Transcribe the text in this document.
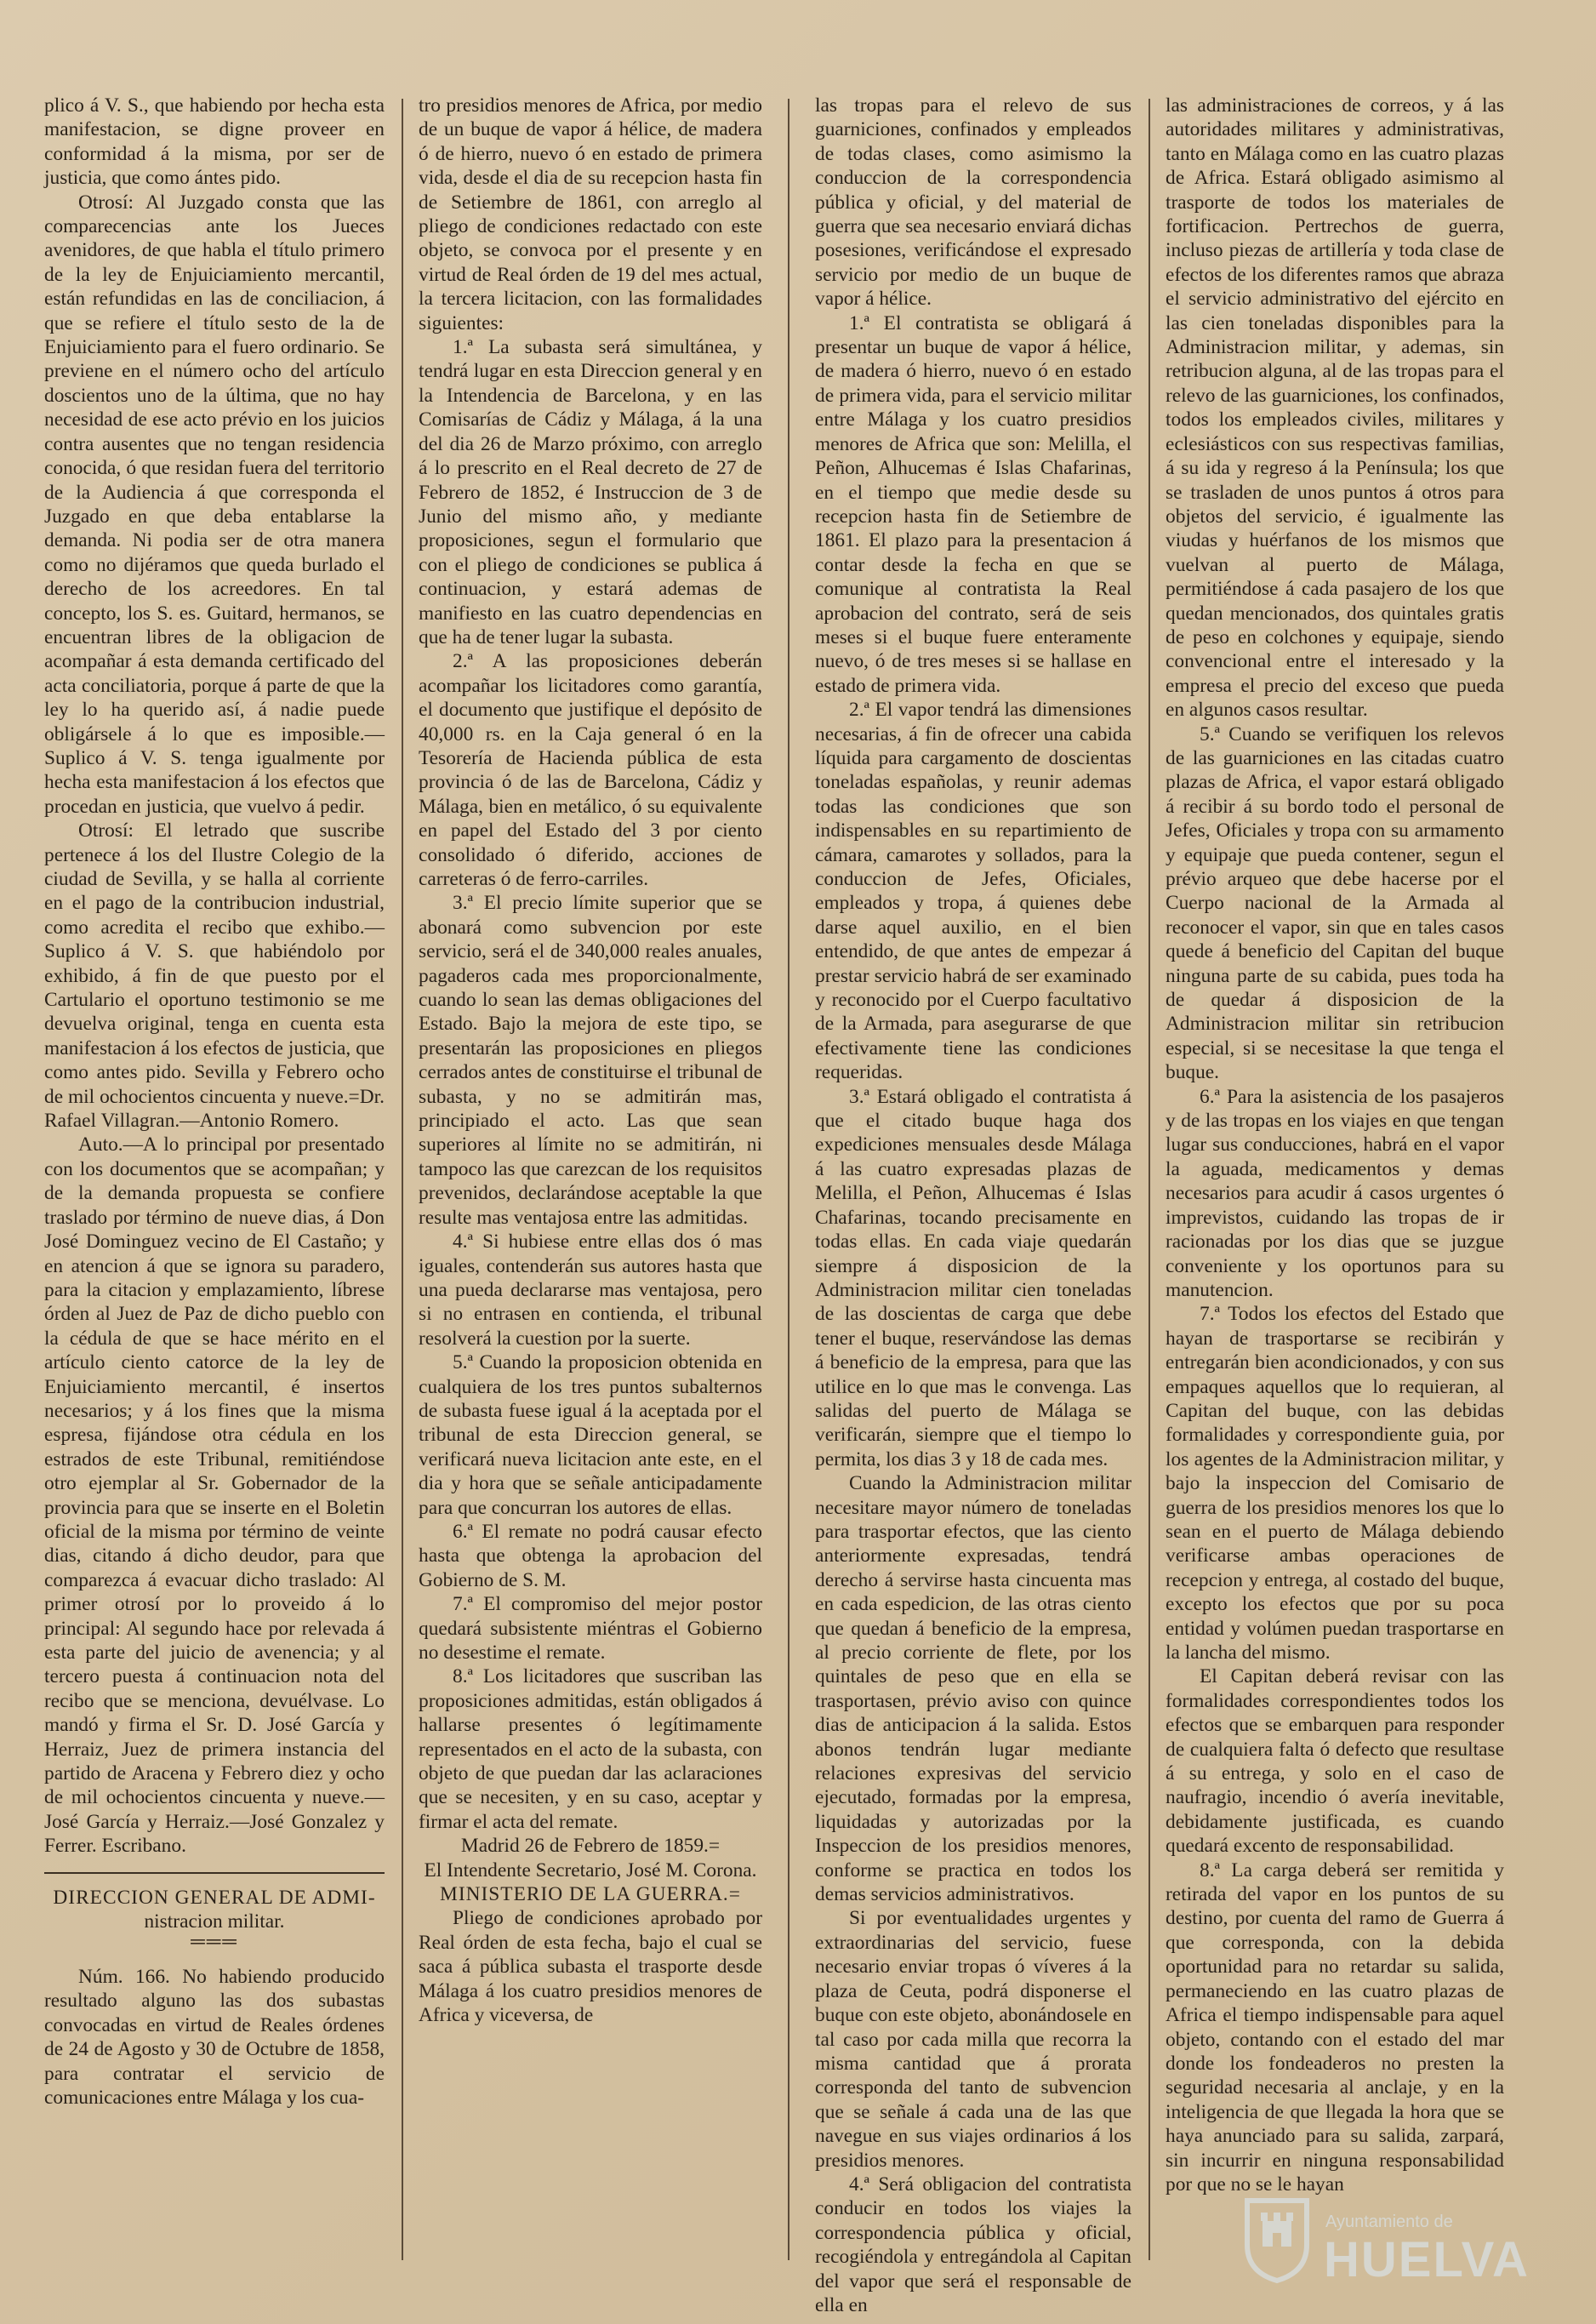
plico á V. S., que habiendo por hecha esta manifestacion, se digne proveer en conformidad á la misma, por ser de justicia, que como ántes pido.

Otrosí: Al Juzgado consta que las comparecencias ante los Jueces avenidores, de que habla el título primero de la ley de Enjuiciamiento mercantil, están refundidas en las de conciliacion, á que se refiere el título sesto de la de Enjuiciamiento para el fuero ordinario. Se previene en el número ocho del artículo doscientos uno de la última, que no hay necesidad de ese acto prévio en los juicios contra ausentes que no tengan residencia conocida, ó que residan fuera del territorio de la Audiencia á que corresponda el Juzgado en que deba entablarse la demanda. Ni podia ser de otra manera como no dijéramos que queda burlado el derecho de los acreedores. En tal concepto, los S. es. Guitard, hermanos, se encuentran libres de la obligacion de acompañar á esta demanda certificado del acta conciliatoria, porque á parte de que la ley lo ha querido así, á nadie puede obligársele á lo que es imposible.—Suplico á V. S. tenga igualmente por hecha esta manifestacion á los efectos que procedan en justicia, que vuelvo á pedir.

Otrosí: El letrado que suscribe pertenece á los del Ilustre Colegio de la ciudad de Sevilla, y se halla al corriente en el pago de la contribucion industrial, como acredita el recibo que exhibo.—Suplico á V. S. que habiéndolo por exhibido, á fin de que puesto por el Cartulario el oportuno testimonio se me devuelva original, tenga en cuenta esta manifestacion á los efectos de justicia, que como antes pido. Sevilla y Febrero ocho de mil ochocientos cincuenta y nueve.=Dr. Rafael Villagran.—Antonio Romero.

Auto.—A lo principal por presentado con los documentos que se acompañan; y de la demanda propuesta se confiere traslado por término de nueve dias, á Don José Dominguez vecino de El Castaño; y en atencion á que se ignora su paradero, para la citacion y emplazamiento, líbrese órden al Juez de Paz de dicho pueblo con la cédula de que se hace mérito en el artículo ciento catorce de la ley de Enjuiciamiento mercantil, é insertos necesarios; y á los fines que la misma espresa, fijándose otra cédula en los estrados de este Tribunal, remitiéndose otro ejemplar al Sr. Gobernador de la provincia para que se inserte en el Boletin oficial de la misma por término de veinte dias, citando á dicho deudor, para que comparezca á evacuar dicho traslado: Al primer otrosí por lo proveido á lo principal: Al segundo hace por relevada á esta parte del juicio de avenencia; y al tercero puesta á continuacion nota del recibo que se menciona, devuélvase. Lo mandó y firma el Sr. D. José García y Herraiz, Juez de primera instancia del partido de Aracena y Febrero diez y ocho de mil ochocientos cincuenta y nueve.—José García y Herraiz.—José Gonzalez y Ferrer. Escribano.

DIRECCION GENERAL DE ADMI-

nistracion militar.

═══

Núm. 166. No habiendo producido resultado alguno las dos subastas convocadas en virtud de Reales órdenes de 24 de Agosto y 30 de Octubre de 1858, para contratar el servicio de comunicaciones entre Málaga y los cua-

tro presidios menores de Africa, por medio de un buque de vapor á hélice, de madera ó de hierro, nuevo ó en estado de primera vida, desde el dia de su recepcion hasta fin de Setiembre de 1861, con arreglo al pliego de condiciones redactado con este objeto, se convoca por el presente y en virtud de Real órden de 19 del mes actual, la tercera licitacion, con las formalidades siguientes:

1.ª La subasta será simultánea, y tendrá lugar en esta Direccion general y en la Intendencia de Barcelona, y en las Comisarías de Cádiz y Málaga, á la una del dia 26 de Marzo próximo, con arreglo á lo prescrito en el Real decreto de 27 de Febrero de 1852, é Instruccion de 3 de Junio del mismo año, y mediante proposiciones, segun el formulario que con el pliego de condiciones se publica á continuacion, y estará ademas de manifiesto en las cuatro dependencias en que ha de tener lugar la subasta.

2.ª A las proposiciones deberán acompañar los licitadores como garantía, el documento que justifique el depósito de 40,000 rs. en la Caja general ó en la Tesorería de Hacienda pública de esta provincia ó de las de Barcelona, Cádiz y Málaga, bien en metálico, ó su equivalente en papel del Estado del 3 por ciento consolidado ó diferido, acciones de carreteras ó de ferro-carriles.

3.ª El precio límite superior que se abonará como subvencion por este servicio, será el de 340,000 reales anuales, pagaderos cada mes proporcionalmente, cuando lo sean las demas obligaciones del Estado. Bajo la mejora de este tipo, se presentarán las proposiciones en pliegos cerrados antes de constituirse el tribunal de subasta, y no se admitirán mas, principiado el acto. Las que sean superiores al límite no se admitirán, ni tampoco las que carezcan de los requisitos prevenidos, declarándose aceptable la que resulte mas ventajosa entre las admitidas.

4.ª Si hubiese entre ellas dos ó mas iguales, contenderán sus autores hasta que una pueda declararse mas ventajosa, pero si no entrasen en contienda, el tribunal resolverá la cuestion por la suerte.

5.ª Cuando la proposicion obtenida en cualquiera de los tres puntos subalternos de subasta fuese igual á la aceptada por el tribunal de esta Direccion general, se verificará nueva licitacion ante este, en el dia y hora que se señale anticipadamente para que concurran los autores de ellas.

6.ª El remate no podrá causar efecto hasta que obtenga la aprobacion del Gobierno de S. M.

7.ª El compromiso del mejor postor quedará subsistente miéntras el Gobierno no desestime el remate.

8.ª Los licitadores que suscriban las proposiciones admitidas, están obligados á hallarse presentes ó legítimamente representados en el acto de la subasta, con objeto de que puedan dar las aclaraciones que se necesiten, y en su caso, aceptar y firmar el acta del remate.

Madrid 26 de Febrero de 1859.=

El Intendente Secretario, José M. Corona.

MINISTERIO DE LA GUERRA.=

Pliego de condiciones aprobado por Real órden de esta fecha, bajo el cual se saca á pública subasta el trasporte desde Málaga á los cuatro presidios menores de Africa y viceversa, de

las tropas para el relevo de sus guarniciones, confinados y empleados de todas clases, como asimismo la conduccion de la correspondencia pública y oficial, y del material de guerra que sea necesario enviará dichas posesiones, verificándose el expresado servicio por medio de un buque de vapor á hélice.

1.ª El contratista se obligará á presentar un buque de vapor á hélice, de madera ó hierro, nuevo ó en estado de primera vida, para el servicio militar entre Málaga y los cuatro presidios menores de Africa que son: Melilla, el Peñon, Alhucemas é Islas Chafarinas, en el tiempo que medie desde su recepcion hasta fin de Setiembre de 1861. El plazo para la presentacion á contar desde la fecha en que se comunique al contratista la Real aprobacion del contrato, será de seis meses si el buque fuere enteramente nuevo, ó de tres meses si se hallase en estado de primera vida.

2.ª El vapor tendrá las dimensiones necesarias, á fin de ofrecer una cabida líquida para cargamento de doscientas toneladas españolas, y reunir ademas todas las condiciones que son indispensables en su repartimiento de cámara, camarotes y sollados, para la conduccion de Jefes, Oficiales, empleados y tropa, á quienes debe darse aquel auxilio, en el bien entendido, de que antes de empezar á prestar servicio habrá de ser examinado y reconocido por el Cuerpo facultativo de la Armada, para asegurarse de que efectivamente tiene las condiciones requeridas.

3.ª Estará obligado el contratista á que el citado buque haga dos expediciones mensuales desde Málaga á las cuatro expresadas plazas de Melilla, el Peñon, Alhucemas é Islas Chafarinas, tocando precisamente en todas ellas. En cada viaje quedarán siempre á disposicion de la Administracion militar cien toneladas de las doscientas de carga que debe tener el buque, reservándose las demas á beneficio de la empresa, para que las utilice en lo que mas le convenga. Las salidas del puerto de Málaga se verificarán, siempre que el tiempo lo permita, los dias 3 y 18 de cada mes.

Cuando la Administracion militar necesitare mayor número de toneladas para trasportar efectos, que las ciento anteriormente expresadas, tendrá derecho á servirse hasta cincuenta mas en cada espedicion, de las otras ciento que quedan á beneficio de la empresa, al precio corriente de flete, por los quintales de peso que en ella se trasportasen, prévio aviso con quince dias de anticipacion á la salida. Estos abonos tendrán lugar mediante relaciones expresivas del servicio ejecutado, formadas por la empresa, liquidadas y autorizadas por la Inspeccion de los presidios menores, conforme se practica en todos los demas servicios administrativos.

Si por eventualidades urgentes y extraordinarias del servicio, fuese necesario enviar tropas ó víveres á la plaza de Ceuta, podrá disponerse el buque con este objeto, abonándosele en tal caso por cada milla que recorra la misma cantidad que á prorata corresponda del tanto de subvencion que se señale á cada una de las que navegue en sus viajes ordinarios á los presidios menores.

4.ª Será obligacion del contratista conducir en todos los viajes la correspondencia pública y oficial, recogiéndola y entregándola al Capitan del vapor que será el responsable de ella en

las administraciones de correos, y á las autoridades militares y administrativas, tanto en Málaga como en las cuatro plazas de Africa. Estará obligado asimismo al trasporte de todos los materiales de fortificacion. Pertrechos de guerra, incluso piezas de artillería y toda clase de efectos de los diferentes ramos que abraza el servicio administrativo del ejército en las cien toneladas disponibles para la Administracion militar, y ademas, sin retribucion alguna, al de las tropas para el relevo de las guarniciones, los confinados, todos los empleados civiles, militares y eclesiásticos con sus respectivas familias, á su ida y regreso á la Península; los que se trasladen de unos puntos á otros para objetos del servicio, é igualmente las viudas y huérfanos de los mismos que vuelvan al puerto de Málaga, permitiéndose á cada pasajero de los que quedan mencionados, dos quintales gratis de peso en colchones y equipaje, siendo convencional entre el interesado y la empresa el precio del exceso que pueda en algunos casos resultar.

5.ª Cuando se verifiquen los relevos de las guarniciones en las citadas cuatro plazas de Africa, el vapor estará obligado á recibir á su bordo todo el personal de Jefes, Oficiales y tropa con su armamento y equipaje que pueda contener, segun el prévio arqueo que debe hacerse por el Cuerpo nacional de la Armada al reconocer el vapor, sin que en tales casos quede á beneficio del Capitan del buque ninguna parte de su cabida, pues toda ha de quedar á disposicion de la Administracion militar sin retribucion especial, si se necesitase la que tenga el buque.

6.ª Para la asistencia de los pasajeros y de las tropas en los viajes en que tengan lugar sus conducciones, habrá en el vapor la aguada, medicamentos y demas necesarios para acudir á casos urgentes ó imprevistos, cuidando las tropas de ir racionadas por los dias que se juzgue conveniente y los oportunos para su manutencion.

7.ª Todos los efectos del Estado que hayan de trasportarse se recibirán y entregarán bien acondicionados, y con sus empaques aquellos que lo requieran, al Capitan del buque, con las debidas formalidades y correspondiente guia, por los agentes de la Administracion militar, y bajo la inspeccion del Comisario de guerra de los presidios menores los que lo sean en el puerto de Málaga debiendo verificarse ambas operaciones de recepcion y entrega, al costado del buque, excepto los efectos que por su poca entidad y volúmen puedan trasportarse en la lancha del mismo.

El Capitan deberá revisar con las formalidades correspondientes todos los efectos que se embarquen para responder de cualquiera falta ó defecto que resultase á su entrega, y solo en el caso de naufragio, incendio ó avería inevitable, debidamente justificada, es cuando quedará excento de responsabilidad.

8.ª La carga deberá ser remitida y retirada del vapor en los puntos de su destino, por cuenta del ramo de Guerra á que corresponda, con la debida oportunidad para no retardar su salida, permaneciendo en las cuatro plazas de Africa el tiempo indispensable para aquel objeto, contando con el estado del mar donde los fondeaderos no presten la seguridad necesaria al anclaje, y en la inteligencia de que llegada la hora que se haya anunciado para su salida, zarpará, sin incurrir en ninguna responsabilidad por que no se le hayan

Ayuntamiento de
HUELVA
